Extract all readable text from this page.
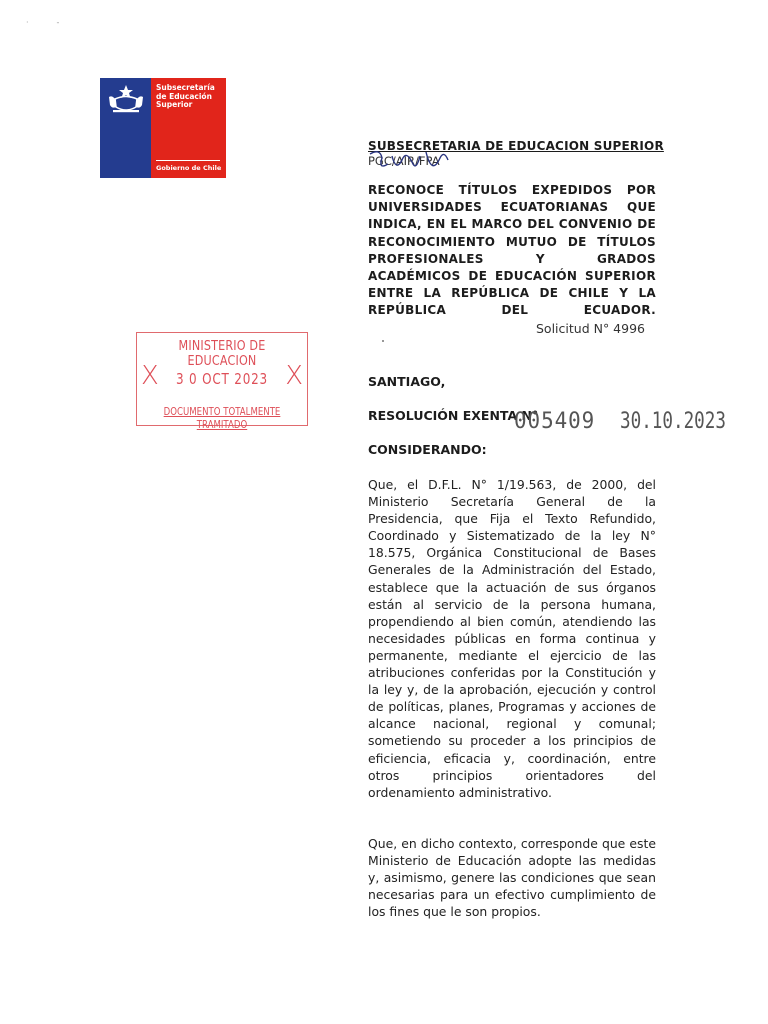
·           -
Subsecretaría de Educación Superior
Gobierno de Chile
SUBSECRETARIA DE EDUCACION SUPERIOR
PGC/AIR/FPA
RECONOCE TÍTULOS EXPEDIDOS POR UNIVERSIDADES ECUATORIANAS QUE INDICA, EN EL MARCO DEL CONVENIO DE RECONOCIMIENTO MUTUO DE TÍTULOS PROFESIONALES Y GRADOS ACADÉMICOS DE EDUCACIÓN SUPERIOR ENTRE LA REPÚBLICA DE CHILE Y LA REPÚBLICA DEL ECUADOR.
Solicitud N° 4996
MINISTERIO DE EDUCACION
X	3 0 OCT 2023 X
DOCUMENTO TOTALMENTE TRAMITADO
SANTIAGO,
RESOLUCIÓN EXENTA N°
005409 30.10.2023
CONSIDERANDO:
Que, el D.F.L. N° 1/19.563, de 2000, del Ministerio Secretaría General de la Presidencia, que Fija el Texto Refundido, Coordinado y Sistematizado de la ley N° 18.575, Orgánica Constitucional de Bases Generales de la Administración del Estado, establece que la actuación de sus órganos están al servicio de la persona humana, propendiendo al bien común, atendiendo las necesidades públicas en forma continua y permanente, mediante el ejercicio de las atribuciones conferidas por la Constitución y la ley y, de la aprobación, ejecución y control de políticas, planes, Programas y acciones de alcance nacional, regional y comunal; sometiendo su proceder a los principios de eficiencia, eficacia y, coordinación, entre otros principios orientadores del ordenamiento administrativo.
Que, en dicho contexto, corresponde que este Ministerio de Educación adopte las medidas y, asimismo, genere las condiciones que sean necesarias para un efectivo cumplimiento de los fines que le son propios.
